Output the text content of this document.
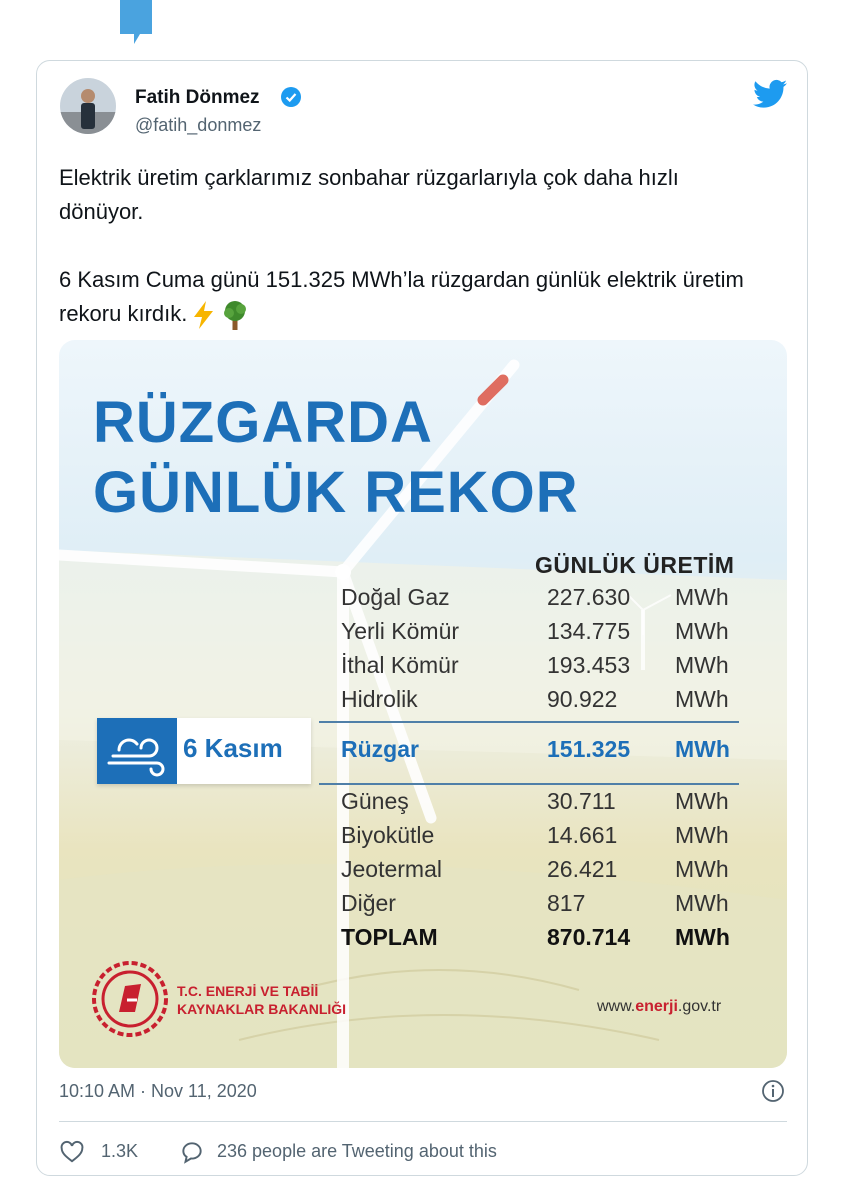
Fatih Dönmez
@fatih_donmez

Elektrik üretim çarklarımız sonbahar rüzgarlarıyla çok daha hızlı dönüyor.

6 Kasım Cuma günü 151.325 MWh’la rüzgardan günlük elektrik üretim rekoru kırdık.

RÜZGARDA
GÜNLÜK REKOR
GÜNLÜK ÜRETİM
Doğal Gaz	227.630 MWh
Yerli Kömür	134.775 MWh
İthal Kömür	193.453 MWh
Hidrolik	90.922	MWh
6 Kasım	Rüzgar	151.325 MWh
Güneş	30.711	MWh
Biyokütle	14.661	MWh
Jeotermal	26.421	MWh
Diğer	817	MWh
TOPLAM	870.714 MWh
T.C. ENERJİ VE TABİİ
KAYNAKLAR BAKANLIĞI	www.enerji.gov.tr
10:10 AM · Nov 11, 2020
1.3K	236 people are Tweeting about this
